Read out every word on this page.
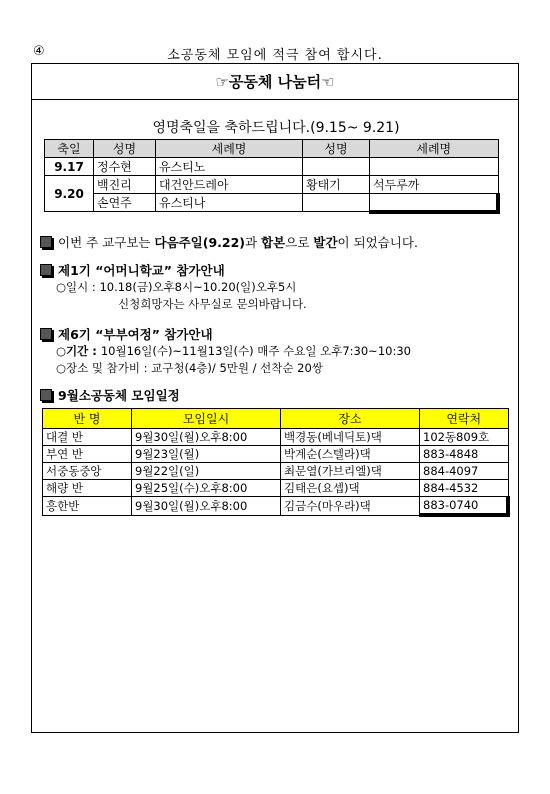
④	소공동체 모임에 적극 참여 합시다.
☞공동체 나눔터☜
영명축일을 축하드립니다.(9.15~ 9.21)
축일	성명	세례명	성명	세례명
9.17	정수현	유스티노		
9.20	백진리	대건안드레아	황태기	석두루까
	손연주	유스티나		
이번 주 교구보는 다음주일(9.22)과 합본으로 발간이 되었습니다.
제1기 “어머니학교” 참가안내
○일시 : 10.18(금)오후8시~10.20(일)오후5시
신청희망자는 사무실로 문의바랍니다.
제6기 “부부여정” 참가안내
○기간 : 10월16일(수)~11월13일(수) 매주 수요일 오후7:30~10:30
○장소 및 참가비 : 교구청(4층)/ 5만원 / 선착순 20쌍
9월소공동체 모임일정
반 명	모임일시	장소	연락처
대결 반	9월30일(월)오후8:00	백경동(베네딕토)댁	102동809호
부연 반	9월23일(월)	박계순(스텔라)댁	883-4848
서중동중앙	9월22일(일)	최문열(가브리엘)댁	884-4097
해량 반	9월25일(수)오후8:00	김태은(요셉)댁	884-4532
흥한반	9월30일(월)오후8:00	김금수(마우라)댁	883-0740
